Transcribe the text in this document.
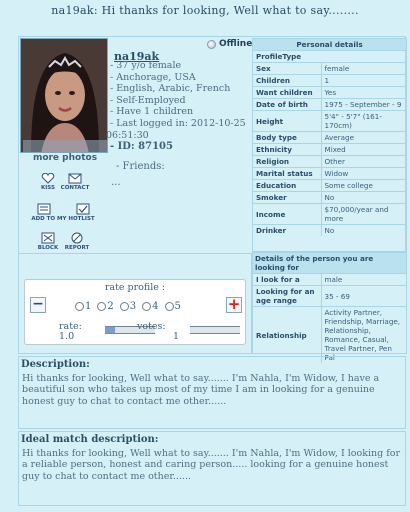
na19ak: Hi thanks for looking, Well what to say........
more photos
KISS	CONTACT
ADD TO MY HOTLIST
BLOCK	REPORT
na19ak
Offline
- 37 y/o female
- Anchorage, USA
- English, Arabic, French
- Self-Employed
- Have 1 children
- Last logged in: 2012-10-25 06:51:30
- ID: 87105
- Friends:
...
Personal details
ProfileType	
Sex	female
Children	1
Want children	Yes
Date of birth	1975 - September - 9
Height	5'4" - 5'7" (161-170cm)
Body type	Average
Ethnicity	Mixed
Religion	Other
Marital status	Widow
Education	Some college
Smoker	No
Income	$70,000/year and more
Drinker	No
Details of the person you are looking for	
I look for a	male
Looking for an age range	35 - 69
Relationship	Activity Partner, Friendship, Marriage, Relationship, Romance, Casual, Travel Partner, Pen Pal
rate profile :
−	1 2 3 4 5	+
rate:	votes:
1.0	1
Description:
Hi thanks for looking, Well what to say....... I'm Nahla, I'm Widow, I have a beautiful son who takes up most of my time I am in looking for a genuine honest guy to chat to contact me other......
Ideal match description:
Hi thanks for looking, Well what to say....... I'm Nahla, I'm Widow, I looking for a reliable person, honest and caring person..... looking for a genuine honest guy to chat to contact me other......
